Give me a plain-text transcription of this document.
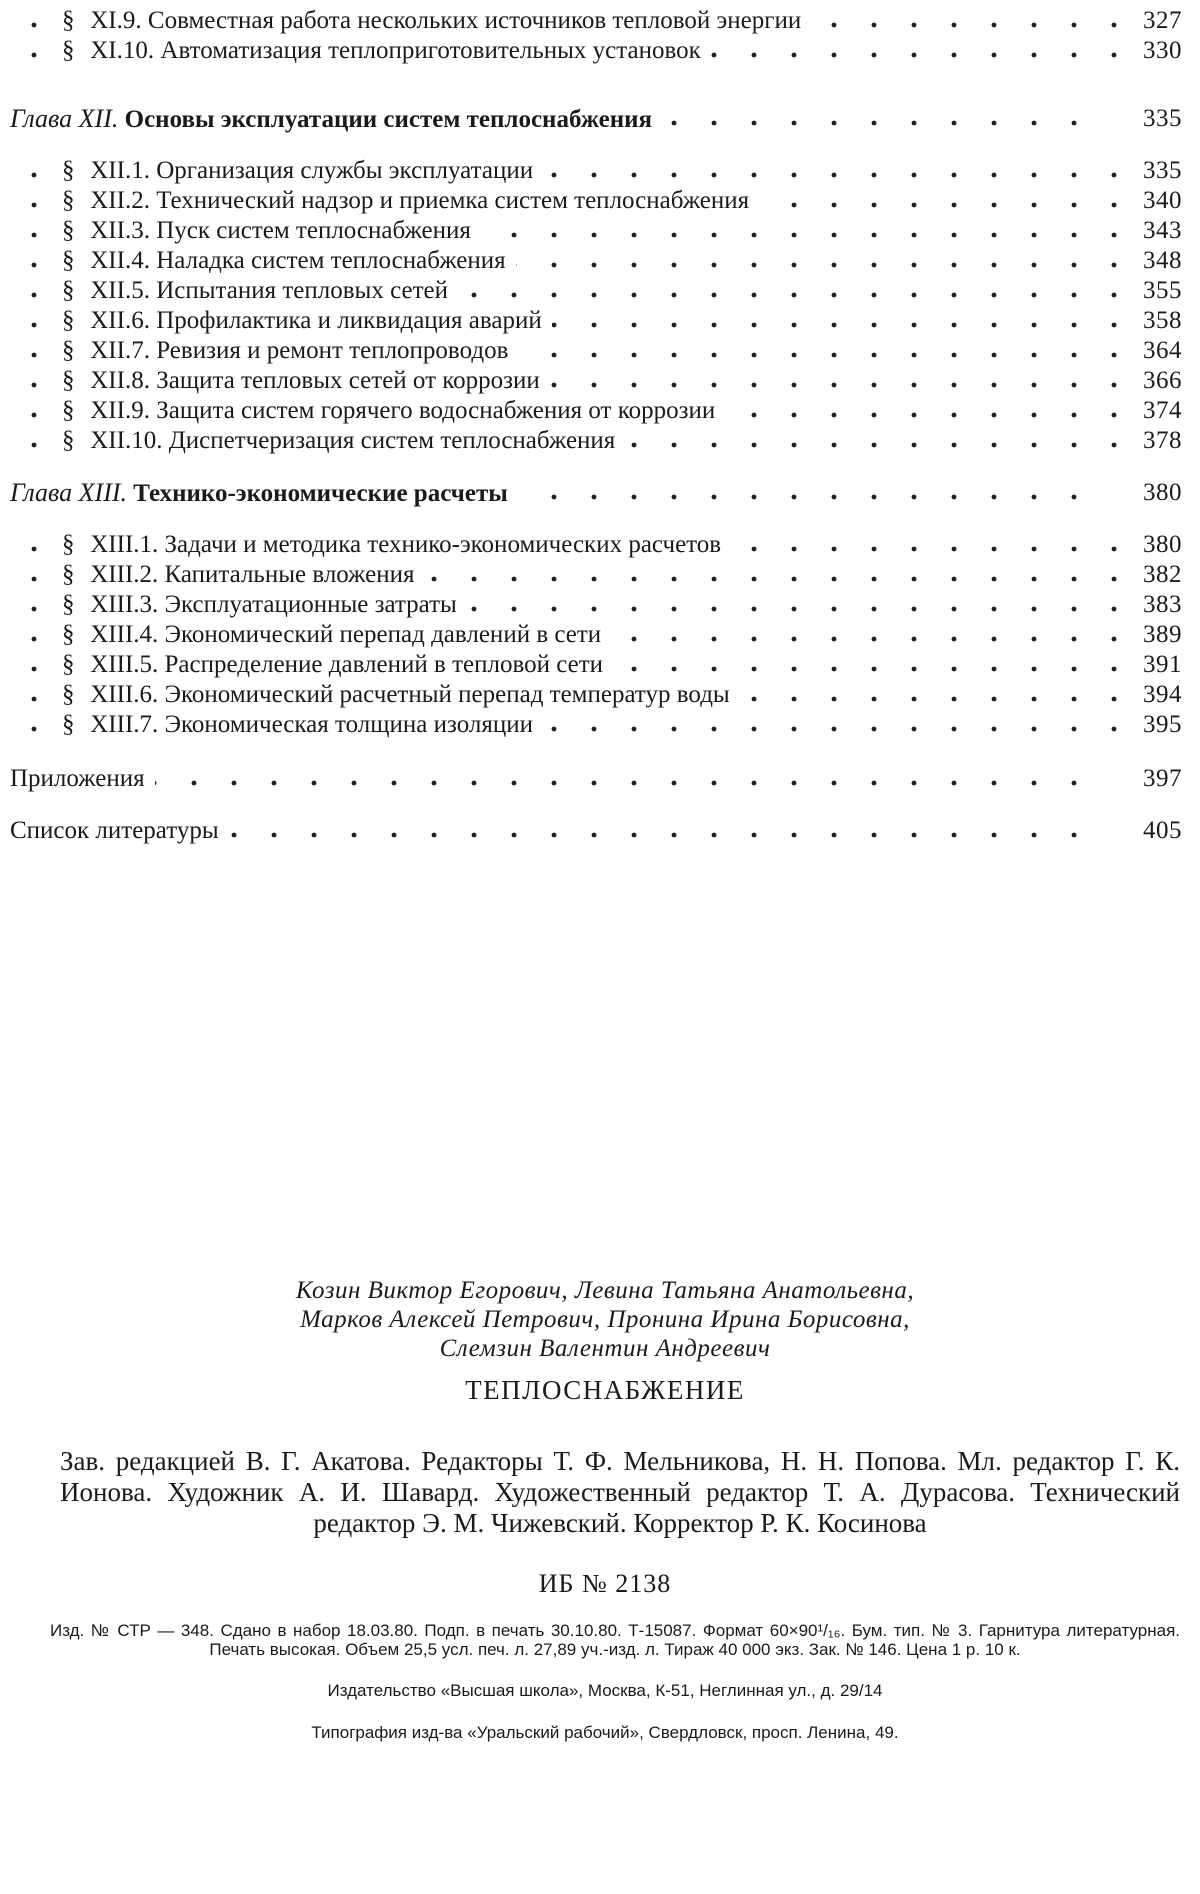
§ XI.9. Совместная работа нескольких источников тепловой энергии	327
§ XI.10. Автоматизация теплоприготовительных установок	330
Глава XII. Основы эксплуатации систем теплоснабжения	335
§ XII.1. Организация службы эксплуатации	335
§ XII.2. Технический надзор и приемка систем теплоснабжения	340
§ XII.3. Пуск систем теплоснабжения	343
§ XII.4. Наладка систем теплоснабжения	348
§ XII.5. Испытания тепловых сетей	355
§ XII.6. Профилактика и ликвидация аварий	358
§ XII.7. Ревизия и ремонт теплопроводов	364
§ XII.8. Защита тепловых сетей от коррозии	366
§ XII.9. Защита систем горячего водоснабжения от коррозии	374
§ XII.10. Диспетчеризация систем теплоснабжения	378
Глава XIII. Технико-экономические расчеты	380
§ XIII.1. Задачи и методика технико-экономических расчетов	380
§ XIII.2. Капитальные вложения	382
§ XIII.3. Эксплуатационные затраты	383
§ XIII.4. Экономический перепад давлений в сети	389
§ XIII.5. Распределение давлений в тепловой сети	391
§ XIII.6. Экономический расчетный перепад температур воды	394
§ XIII.7. Экономическая толщина изоляции	395
Приложения	397
Список литературы	405
Козин Виктор Егорович, Левина Татьяна Анатольевна,
Марков Алексей Петрович, Пронина Ирина Борисовна,
Слемзин Валентин Андреевич
ТЕПЛОСНАБЖЕНИЕ
Зав. редакцией В. Г. Акатова. Редакторы Т. Ф. Мельникова, Н. Н. Попова. Мл. редактор Г. К. Ионова. Художник А. И. Шавард. Художественный редактор Т. А. Дурасова. Технический редактор Э. М. Чижевский. Корректор Р. К. Косинова
ИБ № 2138
Изд. № СТР — 348. Сдано в набор 18.03.80. Подп. в печать 30.10.80. Т-15087. Формат 60×90¹/₁₆. Бум. тип. № 3. Гарнитура литературная. Печать высокая. Объем 25,5 усл. печ. л. 27,89 уч.-изд. л. Тираж 40 000 экз. Зак. № 146. Цена 1 р. 10 к.
Издательство «Высшая школа», Москва, К-51, Неглинная ул., д. 29/14
Типография изд-ва «Уральский рабочий», Свердловск, просп. Ленина, 49.
